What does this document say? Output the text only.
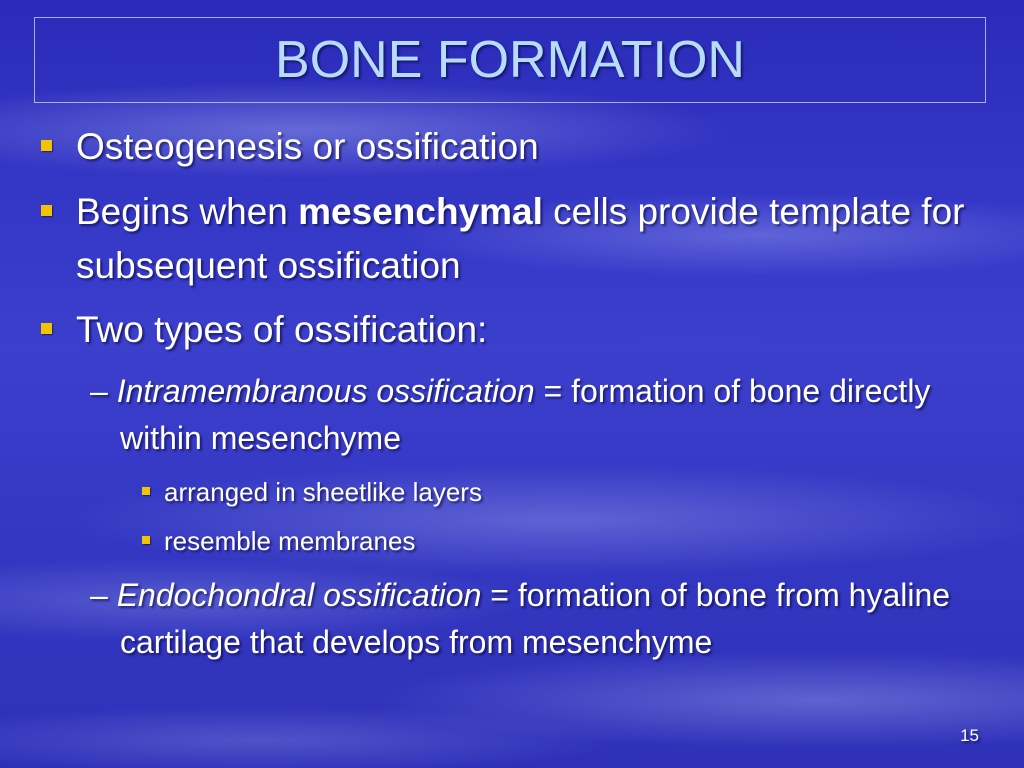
BONE FORMATION
Osteogenesis or ossification
Begins when mesenchymal cells provide template for subsequent ossification
Two types of ossification:
– Intramembranous ossification = formation of bone directly within mesenchyme
arranged in sheetlike layers
resemble membranes
– Endochondral ossification = formation of bone from hyaline cartilage that develops from mesenchyme
15
